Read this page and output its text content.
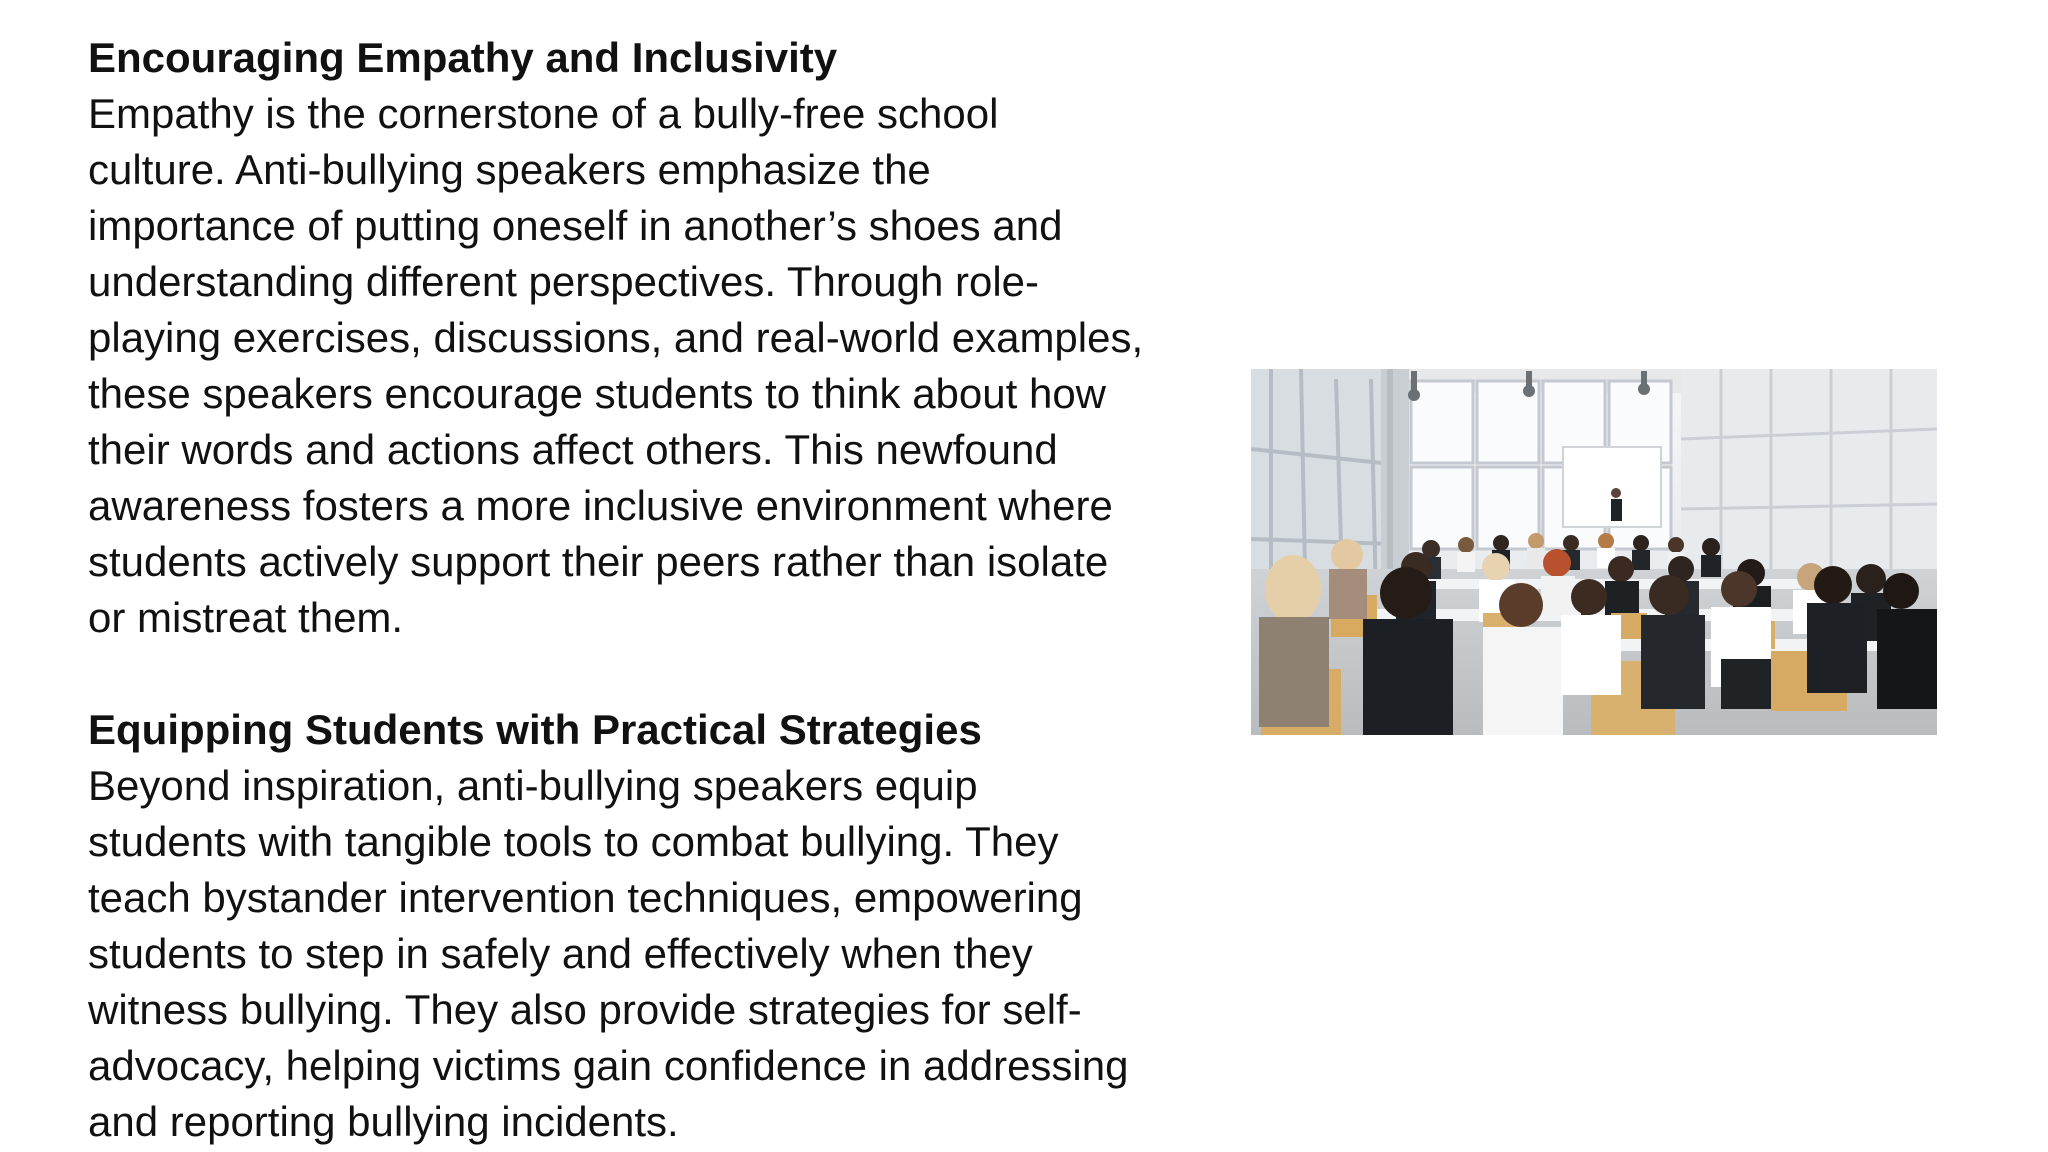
Encouraging Empathy and Inclusivity

Empathy is the cornerstone of a bully-free school
culture. Anti-bullying speakers emphasize the
importance of putting oneself in another’s shoes and
understanding different perspectives. Through role-
playing exercises, discussions, and real-world examples,
these speakers encourage students to think about how
their words and actions affect others. This newfound
awareness fosters a more inclusive environment where
students actively support their peers rather than isolate
or mistreat them.

Equipping Students with Practical Strategies

Beyond inspiration, anti-bullying speakers equip
students with tangible tools to combat bullying. They
teach bystander intervention techniques, empowering
students to step in safely and effectively when they
witness bullying. They also provide strategies for self-
advocacy, helping victims gain confidence in addressing
and reporting bullying incidents.
